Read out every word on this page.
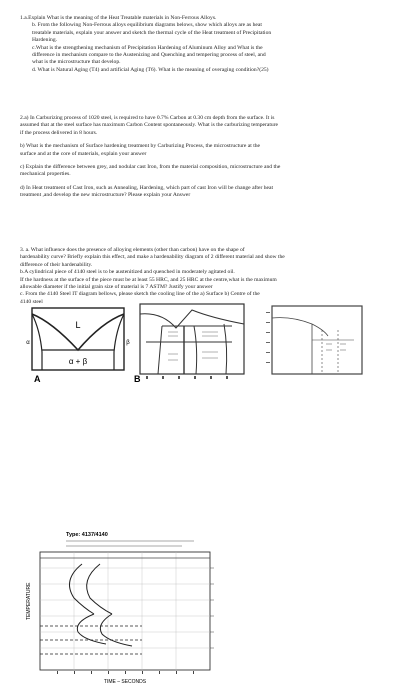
1.a.Explain What is the meaning of the Heat Treatable materials in Non-Ferrous Alloys.

b. From the following Non-Ferrous alloys equilibrium diagrams belows, show which alloys are as heat

treatable materials, explain your answer and sketch the thermal cycle of the Heat treatment of Precipitation

Hardening.

c.What is the strengthening mechanism of Precipitation Hardening of Aluminum Alloy and What is the

difference in mechanism compare to the Austenizing and Quenching and tempering process of steel, and

what is the microstructure that develop.

d. What is Natural Aging (T4) and artificial Aging (T6). What is the meaning of overaging condition?(25)

2.a) In Carburizing process of 1020 steel, is required to have 0.7% Carbon at 0.30 cm depth from the surface. It is

assumed that at the steel surface has maximum Carbon Content spontaneously. What is the carburizing temperature

if the process delivered in 8 hours.

b) What is the mechanism of Surface hardening treatment by Carburizing Process, the microstructure at the

surface and at the core of materials, explain your answer

c) Explain the difference between grey, and nodular cast Iron, from the material composition, microstructure and the

mechanical properties.

d) In Heat treatment of Cast Iron, such as Annealing, Hardening, which part of cast Iron will be change after heat

treatment ,and develop the new microstructure? Please explain your Answer

3. a. What influence does the presence of alloying elements (other than carbon) have on the shape of

hardenability curve? Briefly explain this effect, and make a hardenability diagram of 2 different material and show the

difference of their hardenability.

b.A cylindrical piece of 4140 steel is to be austenitized and quenched in moderately agitated oil.

If the hardness at the surface of the piece must be at least 55 HRC, and 25 HRC at the centre,what is the maximum

allowable diameter if the initial grain size of material is 7 ASTM? Justify your answer

c. From the 4140 Steel IT diagram bellows, please sketch the cooling line of the a) Surface b) Centre of the

4140 steel

L
α + β
α	β
A	B
Type: 4137/4140
TEMPERATURE
TIME – SECONDS
